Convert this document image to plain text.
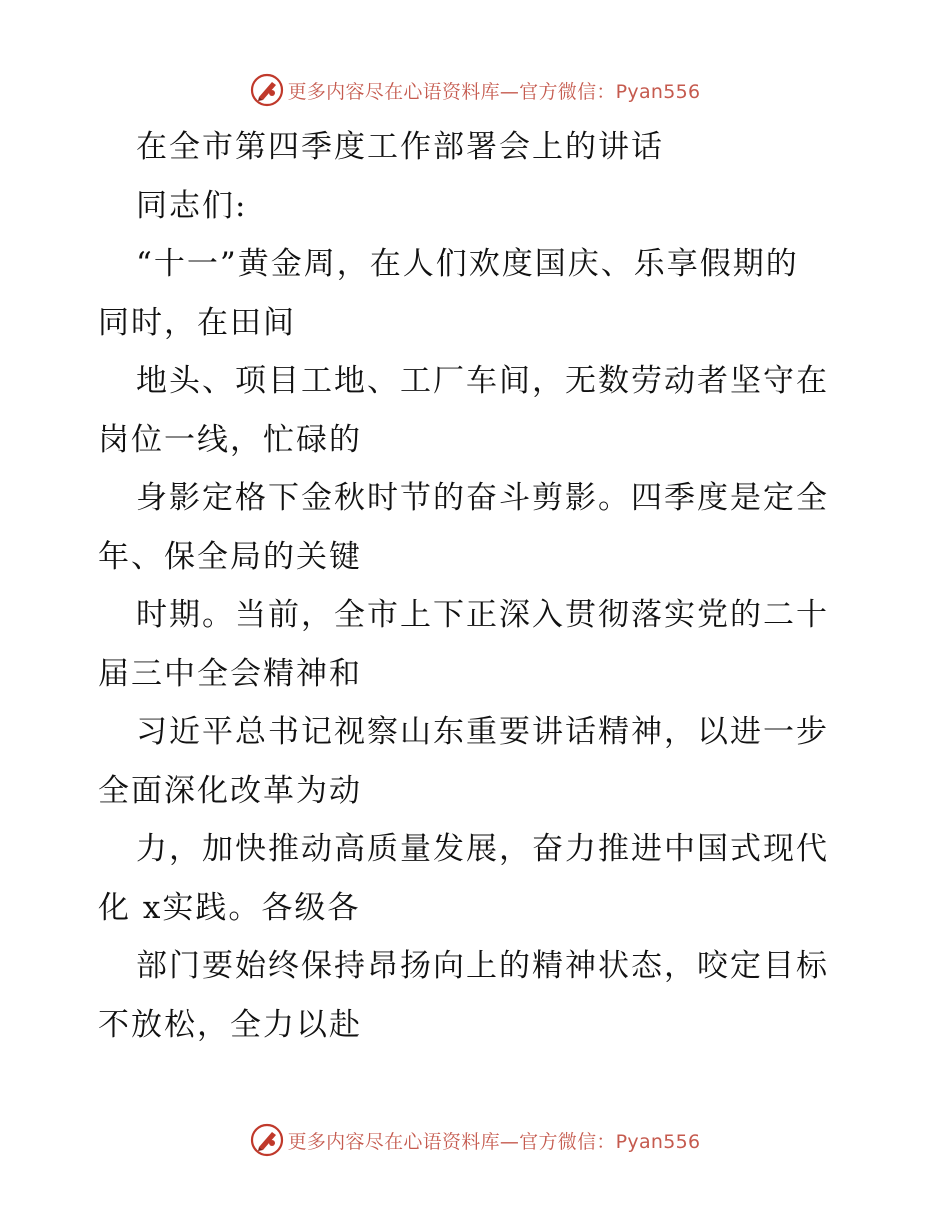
更多内容尽在心语资料库—官方微信：Pyan556
在全市第四季度工作部署会上的讲话
同志们:
“十一”黄金周，在人们欢度国庆、乐享假期的
同时，在田间
地头、项目工地、工厂车间，无数劳动者坚守在
岗位一线，忙碌的
身影定格下金秋时节的奋斗剪影。四季度是定全
年、保全局的关键
时期。当前，全市上下正深入贯彻落实党的二十
届三中全会精神和
习近平总书记视察山东重要讲话精神，以进一步
全面深化改革为动
力，加快推动高质量发展，奋力推进中国式现代
化 x实践。各级各
部门要始终保持昂扬向上的精神状态，咬定目标
不放松，全力以赴
更多内容尽在心语资料库—官方微信：Pyan556
